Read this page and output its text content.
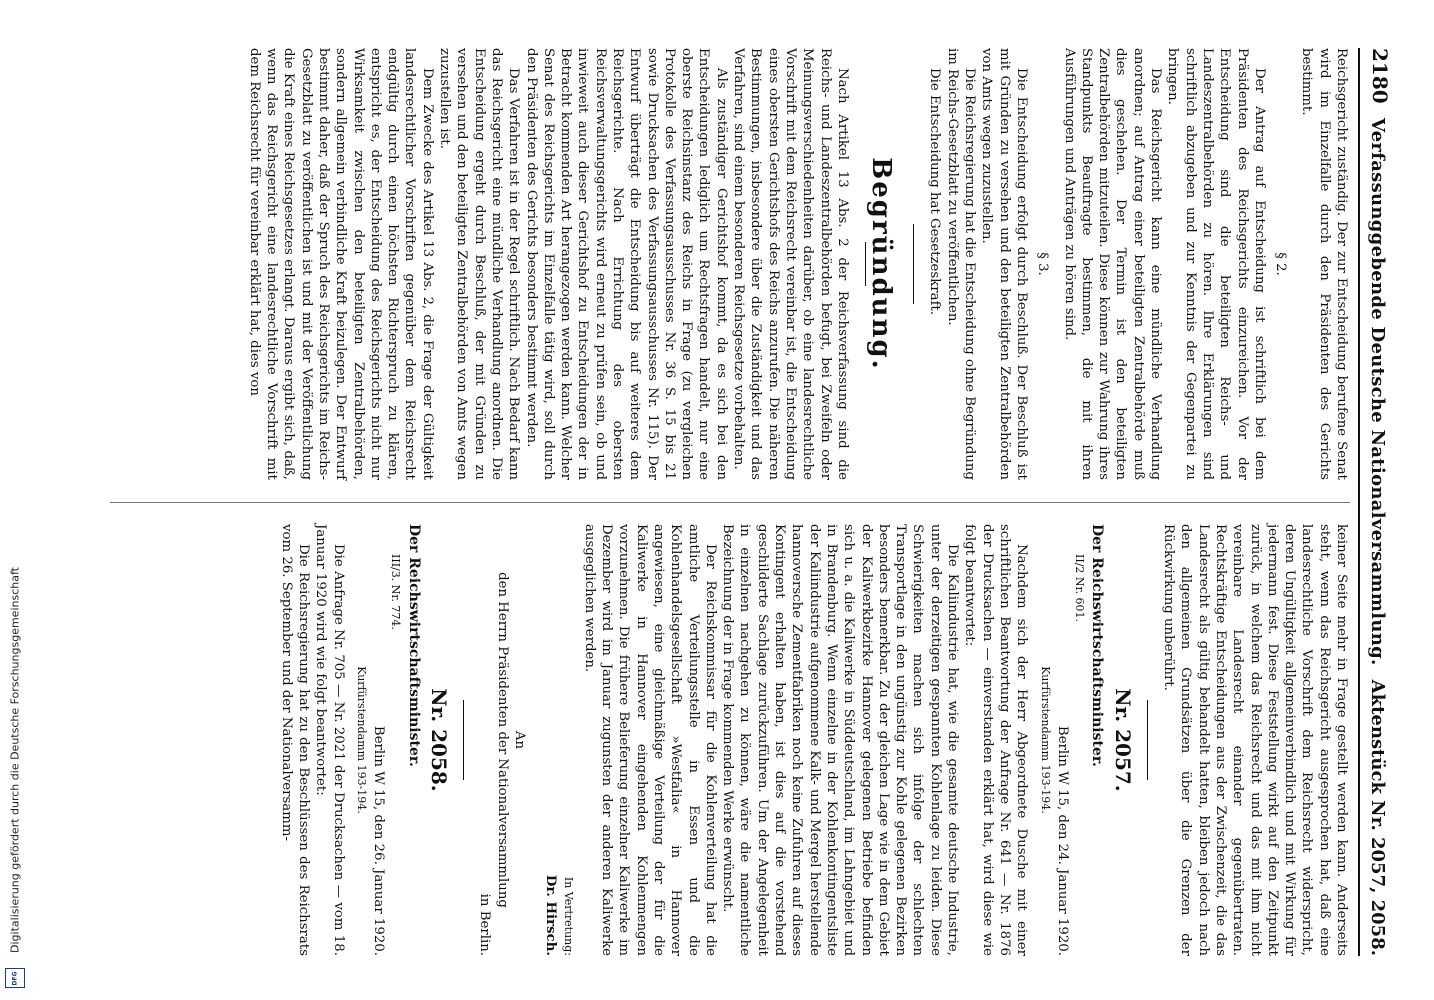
Digitalisierung gefördert durch die Deutsche Forschungsgemeinschaft
DFG
2180
Verfassunggebende Deutsche Nationalversammlung.
Aktenstück Nr. 2057, 2058.

Reichsgericht zuständig. Der zur Entscheidung berufene Senat wird im Einzelfalle durch den Präsidenten des Gerichts bestimmt.

§ 2.

Der Antrag auf Entscheidung ist schriftlich bei dem Präsidenten des Reichsgerichts einzureichen. Vor der Entscheidung sind die beteiligten Reichs- und Landeszentralbehörden zu hören. Ihre Erklärungen sind schriftlich abzugeben und zur Kenntnis der Gegenpartei zu bringen.

Das Reichsgericht kann eine mündliche Verhandlung anordnen; auf Antrag einer beteiligten Zentralbehörde muß dies geschehen. Der Termin ist den beteiligten Zentralbehörden mitzuteilen. Diese können zur Wahrung ihres Standpunkts Beauftragte bestimmen, die mit ihren Ausführungen und Anträgen zu hören sind.

§ 3.

Die Entscheidung erfolgt durch Beschluß. Der Beschluß ist mit Gründen zu versehen und den beteiligten Zentralbehörden von Amts wegen zuzustellen.

Die Reichsregierung hat die Entscheidung ohne Begründung im Reichs-Gesetzblatt zu veröffentlichen.

Die Entscheidung hat Gesetzeskraft.

Begründung.

Nach Artikel 13 Abs. 2 der Reichsverfassung sind die Reichs- und Landeszentralbehörden befugt, bei Zweifeln oder Meinungsverschiedenheiten darüber, ob eine landesrechtliche Vorschrift mit dem Reichsrecht vereinbar ist, die Entscheidung eines obersten Gerichtshofs des Reichs anzurufen. Die näheren Bestimmungen, insbesondere über die Zuständigkeit und das Verfahren, sind einem besonderen Reichsgesetze vorbehalten.

Als zuständiger Gerichtshof kommt, da es sich bei den Entscheidungen lediglich um Rechtsfragen handelt, nur eine oberste Reichsinstanz des Reichs in Frage (zu vergleichen Protokolle des Verfassungsausschusses Nr. 36 S. 15 bis 21 sowie Drucksachen des Verfassungsausschusses Nr. 115). Der Entwurf überträgt die Entscheidung bis auf weiteres dem Reichsgerichte. Nach Errichtung des obersten Reichsverwaltungsgerichts wird erneut zu prüfen sein, ob und inwieweit auch dieser Gerichtshof zu Entscheidungen der in Betracht kommenden Art herangezogen werden kann. Welcher Senat des Reichsgerichts im Einzelfalle tätig wird, soll durch den Präsidenten des Gerichts besonders bestimmt werden.

Das Verfahren ist in der Regel schriftlich. Nach Bedarf kann das Reichsgericht eine mündliche Verhandlung anordnen. Die Entscheidung ergeht durch Beschluß, der mit Gründen zu versehen und den beteiligten Zentralbehörden von Amts wegen zuzustellen ist.

Dem Zwecke des Artikel 13 Abs. 2, die Frage der Gültigkeit landesrechtlicher Vorschriften gegenüber dem Reichsrecht endgültig durch einen höchsten Richterspruch zu klären, entspricht es, der Entscheidung des Reichsgerichts nicht nur Wirksamkeit zwischen den beteiligten Zentralbehörden, sondern allgemein verbindliche Kraft beizulegen. Der Entwurf bestimmt daher, daß der Spruch des Reichsgerichts im Reichs-Gesetzblatt zu veröffentlichen ist und mit der Veröffentlichung die Kraft eines Reichsgesetzes erlangt. Daraus ergibt sich, daß, wenn das Reichsgericht eine landesrechtliche Vorschrift mit dem Reichsrecht für vereinbar erklärt hat, dies von

keiner Seite mehr in Frage gestellt werden kann. Anderseits steht, wenn das Reichsgericht ausgesprochen hat, daß eine landesrechtliche Vorschrift dem Reichsrecht widerspricht, deren Ungültigkeit allgemeinverbindlich und mit Wirkung für jedermann fest. Diese Feststellung wirkt auf den Zeitpunkt zurück, in welchem das Reichsrecht und das mit ihm nicht vereinbare Landesrecht einander gegenübertraten. Rechtskräftige Entscheidungen aus der Zwischenzeit, die das Landesrecht als gültig behandelt hatten, bleiben jedoch nach den allgemeinen Grundsätzen über die Grenzen der Rückwirkung unberührt.

Nr. 2057.

Der Reichswirtschaftsminister.

II/2 Nr. 601.

Berlin W 15, den 24. Januar 1920.

Kurfürstendamm 193-194.

Nachdem sich der Herr Abgeordnete Dusche mit einer schriftlichen Beantwortung der Anfrage Nr. 641 — Nr. 1876 der Drucksachen — einverstanden erklärt hat, wird diese wie folgt beantwortet:

Die Kaliindustrie hat, wie die gesamte deutsche Industrie, unter der derzeitigen gespannten Kohlenlage zu leiden. Diese Schwierigkeiten machen sich infolge der schlechten Transportlage in den ungünstig zur Kohle gelegenen Bezirken besonders bemerkbar. Zu der gleichen Lage wie in dem Gebiet der Kaliwerkbezirke Hannover gelegenen Betriebe befinden sich u. a. die Kaliwerke in Süddeutschland, im Lahngebiet und in Brandenburg. Wenn einzelne in der Kohlenkontingentsliste der Kaliindustrie aufgenommene Kalk- und Mergel herstellende hannoversche Zementfabriken noch keine Zufuhren auf dieses Kontingent erhalten haben, ist dies auf die vorstehend geschilderte Sachlage zurückzuführen. Um der Angelegenheit in einzelnen nachgehen zu können, wäre die namentliche Bezeichnung der in Frage kommenden Werke erwünscht.

Der Reichskommissar für die Kohlenverteilung hat die amtliche Verteilungsstelle in Essen und die Kohlenhandelsgesellschaft »Westfalia« in Hannover angewiesen, eine gleichmäßige Verteilung der für die Kaliwerke in Hannover eingehenden Kohlenmengen vorzunehmen. Die frühere Belieferung einzelner Kaliwerke im Dezember wird im Januar zugunsten der anderen Kaliwerke ausgeglichen werden.

In Vertretung:

Dr. Hirsch.

An

den Herrn Präsidenten der Nationalversammlung

in Berlin.

Nr. 2058.

Der Reichswirtschaftsminister.

III/3. Nr. 774.

Berlin W 15, den 26. Januar 1920.

Kurfürstendamm 193-194.

Die Anfrage Nr. 705 — Nr. 2021 der Drucksachen — vom 18. Januar 1920 wird wie folgt beantwortet:

Die Reichsregierung hat zu den Beschlüssen des Reichsrats vom 26. September und der Nationalversamm-
